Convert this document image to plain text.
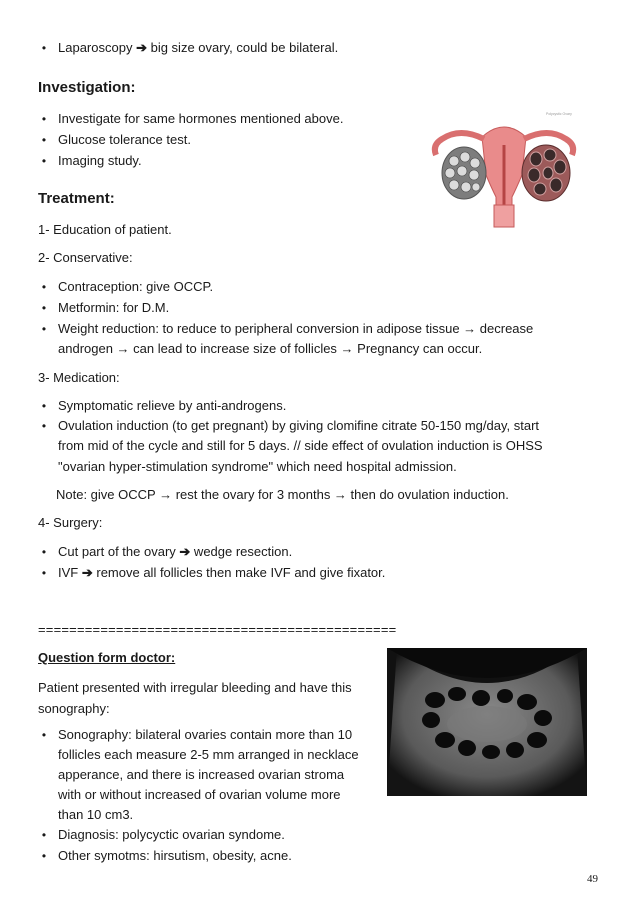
• Laparoscopy ➔ big size ovary, could be bilateral.
Investigation:
• Investigate for same hormones mentioned above.
• Glucose tolerance test.
• Imaging study.
Polycystic Ovary
Treatment:
1- Education of patient.
2- Conservative:
• Contraception: give OCCP.
• Metformin: for D.M.
• Weight reduction: to reduce to peripheral conversion in adipose tissue → decrease
androgen → can lead to increase size of follicles → Pregnancy can occur.
3- Medication:
• Symptomatic relieve by anti-androgens.
• Ovulation induction (to get pregnant) by giving clomifine citrate 50-150 mg/day, start
from mid of the cycle and still for 5 days. // side effect of ovulation induction is OHSS
"ovarian hyper-stimulation syndrome" which need hospital admission.
Note: give OCCP → rest the ovary for 3 months → then do ovulation induction.
4- Surgery:
• Cut part of the ovary ➔ wedge resection.
• IVF ➔ remove all follicles then make IVF and give fixator.
==============================================
Question form doctor:
Patient presented with irregular bleeding and have this
sonography:
• Sonography: bilateral ovaries contain more than 10
follicles each measure 2-5 mm arranged in necklace
apperance, and there is increased ovarian stroma
with or without increased of ovarian volume more
than 10 cm3.
• Diagnosis: polycyctic ovarian syndome.
• Other symotms: hirsutism, obesity, acne.
49
